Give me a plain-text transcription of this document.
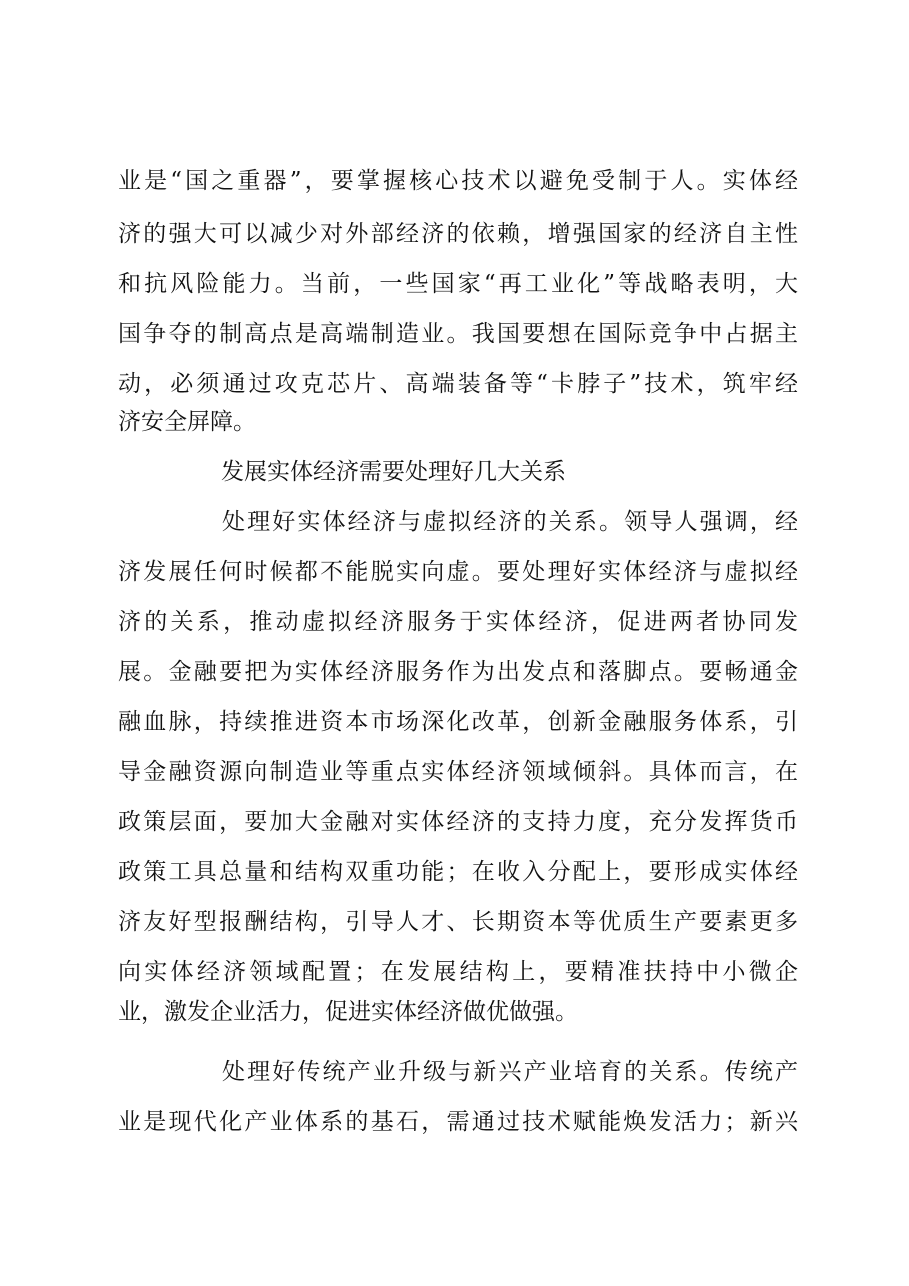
业是“国之重器”，要掌握核心技术以避免受制于人。实体经
济的强大可以减少对外部经济的依赖，增强国家的经济自主性
和抗风险能力。当前，一些国家“再工业化”等战略表明，大
国争夺的制高点是高端制造业。我国要想在国际竞争中占据主
动，必须通过攻克芯片、高端装备等“卡脖子”技术，筑牢经
济安全屏障。
发展实体经济需要处理好几大关系
处理好实体经济与虚拟经济的关系。领导人强调，经
济发展任何时候都不能脱实向虚。要处理好实体经济与虚拟经
济的关系，推动虚拟经济服务于实体经济，促进两者协同发
展。金融要把为实体经济服务作为出发点和落脚点。要畅通金
融血脉，持续推进资本市场深化改革，创新金融服务体系，引
导金融资源向制造业等重点实体经济领域倾斜。具体而言，在
政策层面，要加大金融对实体经济的支持力度，充分发挥货币
政策工具总量和结构双重功能；在收入分配上，要形成实体经
济友好型报酬结构，引导人才、长期资本等优质生产要素更多
向实体经济领域配置；在发展结构上，要精准扶持中小微企
业，激发企业活力，促进实体经济做优做强。
处理好传统产业升级与新兴产业培育的关系。传统产
业是现代化产业体系的基石，需通过技术赋能焕发活力；新兴
